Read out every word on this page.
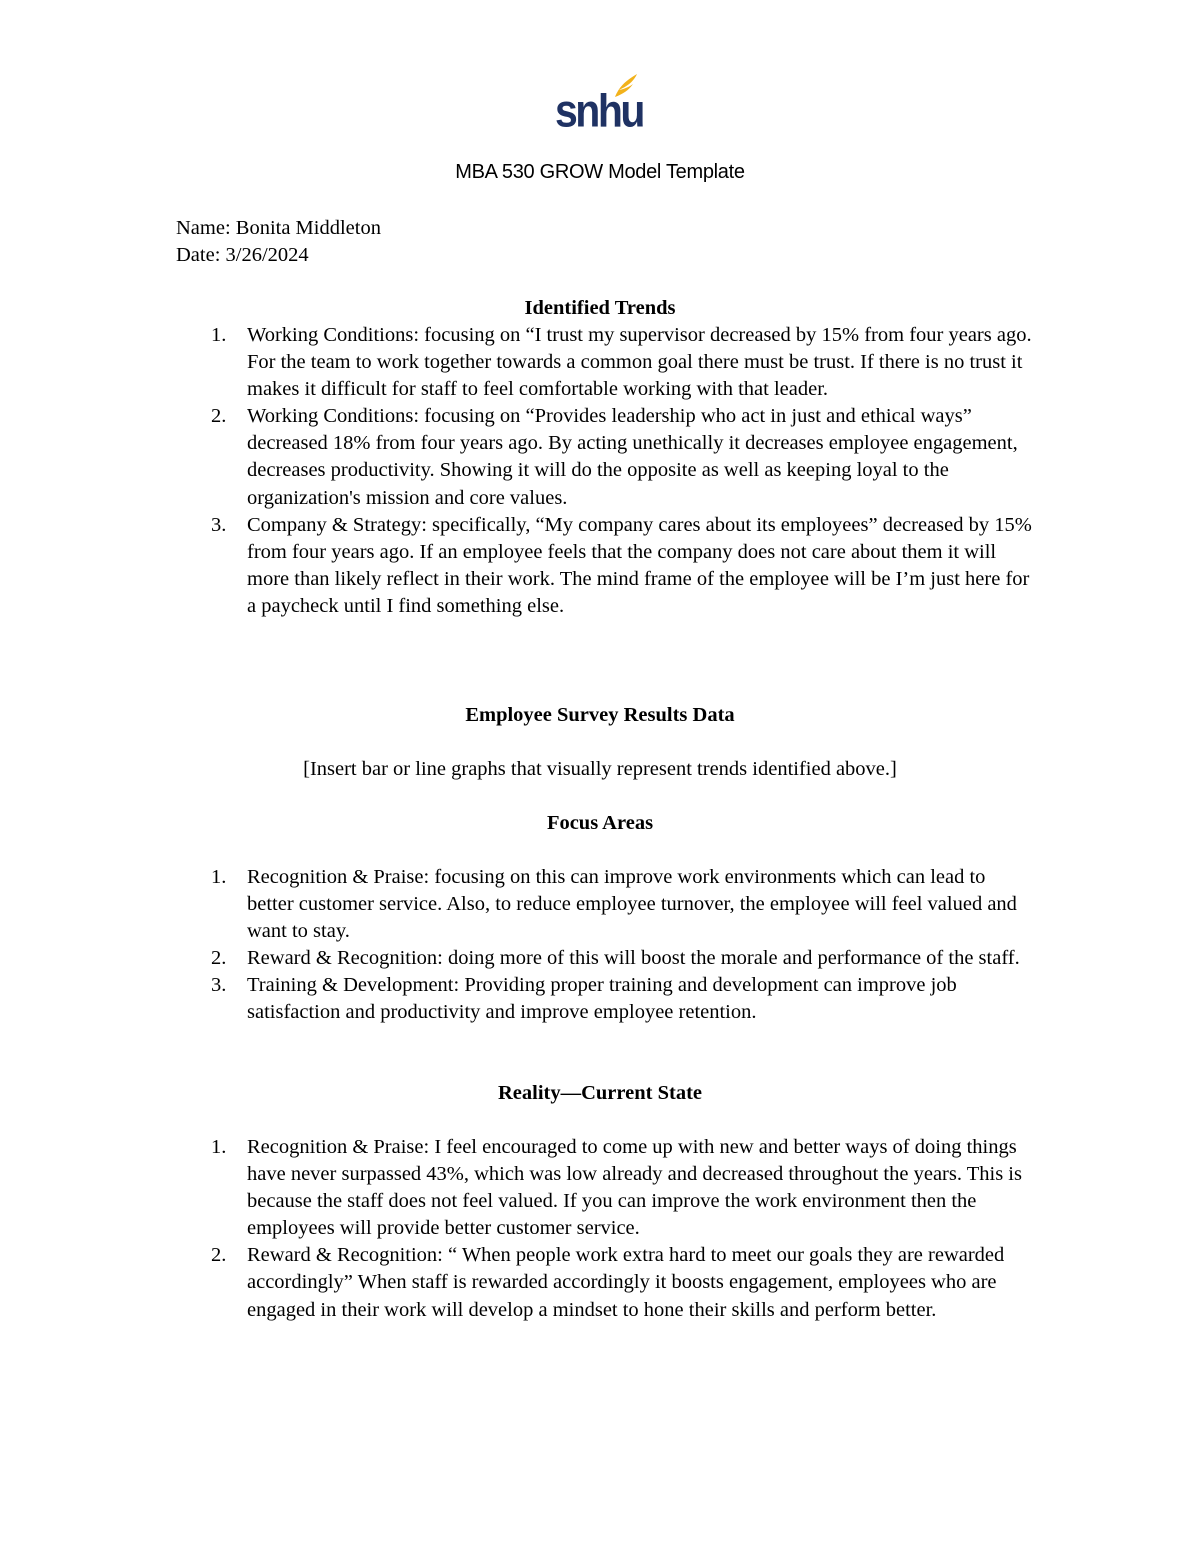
snhu
MBA 530 GROW Model Template
Name: Bonita Middleton
Date: 3/26/2024
Identified Trends
1. Working Conditions: focusing on “I trust my supervisor decreased by 15% from four years ago. For the team to work together towards a common goal there must be trust. If there is no trust it makes it difficult for staff to feel comfortable working with that leader.
2. Working Conditions: focusing on “Provides leadership who act in just and ethical ways” decreased 18% from four years ago. By acting unethically it decreases employee engagement, decreases productivity. Showing it will do the opposite as well as keeping loyal to the organization's mission and core values.
3. Company & Strategy: specifically, “My company cares about its employees” decreased by 15% from four years ago. If an employee feels that the company does not care about them it will more than likely reflect in their work. The mind frame of the employee will be I’m just here for a paycheck until I find something else.
Employee Survey Results Data
[Insert bar or line graphs that visually represent trends identified above.]
Focus Areas
1. Recognition & Praise: focusing on this can improve work environments which can lead to better customer service. Also, to reduce employee turnover, the employee will feel valued and want to stay.
2. Reward & Recognition: doing more of this will boost the morale and performance of the staff.
3. Training & Development: Providing proper training and development can improve job satisfaction and productivity and improve employee retention.
Reality—Current State
1. Recognition & Praise: I feel encouraged to come up with new and better ways of doing things have never surpassed 43%, which was low already and decreased throughout the years. This is because the staff does not feel valued. If you can improve the work environment then the employees will provide better customer service.
2. Reward & Recognition: “ When people work extra hard to meet our goals they are rewarded accordingly” When staff is rewarded accordingly it boosts engagement, employees who are engaged in their work will develop a mindset to hone their skills and perform better.
